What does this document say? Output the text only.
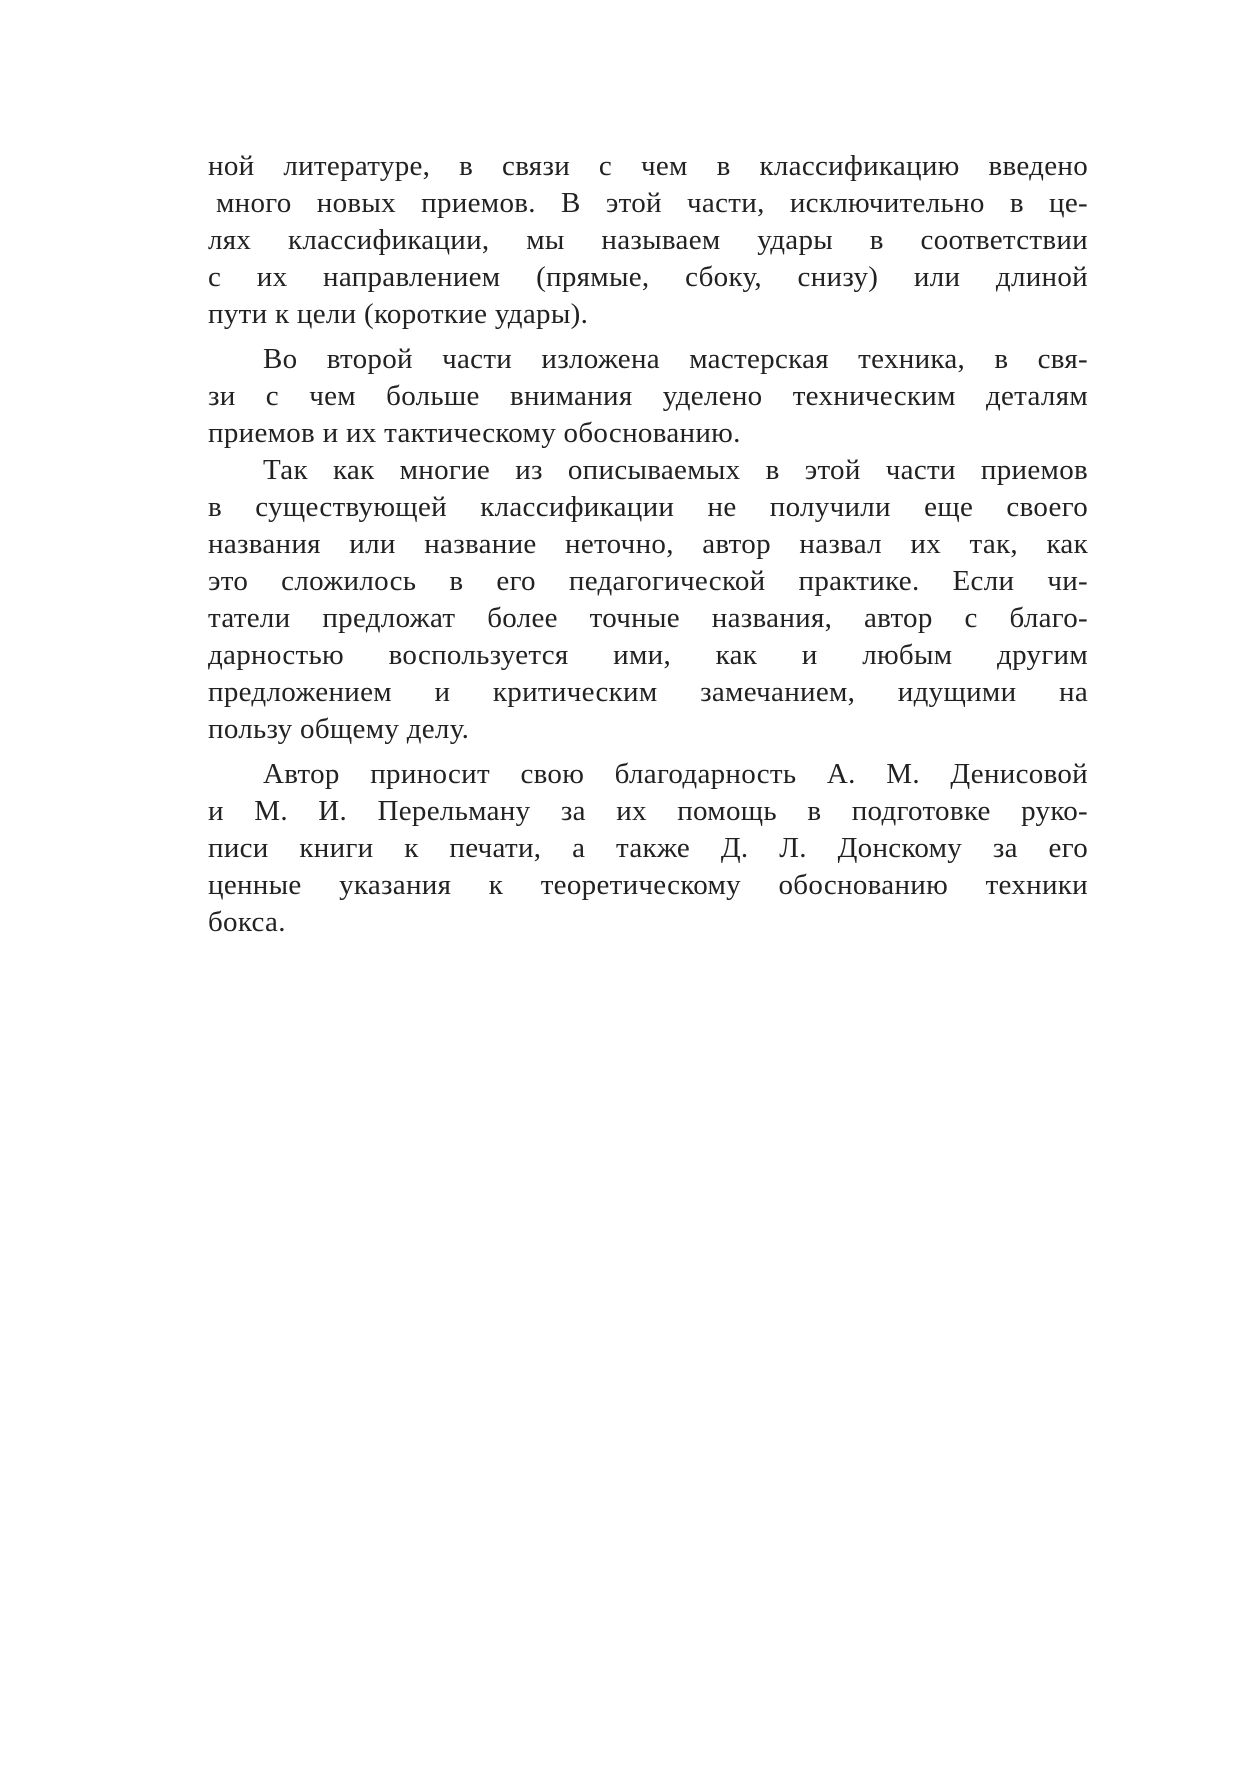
ной литературе, в связи с чем в классификацию введено
много новых приемов. В этой части, исключительно в це-
лях классификации, мы называем удары в соответствии
с их направлением (прямые, сбоку, снизу) или длиной
пути к цели (короткие удары).
Во второй части изложена мастерская техника, в свя-
зи с чем больше внимания уделено техническим деталям
приемов и их тактическому обоснованию.
Так как многие из описываемых в этой части приемов
в существующей классификации не получили еще своего
названия или название неточно, автор назвал их так, как
это сложилось в его педагогической практике. Если чи-
татели предложат более точные названия, автор с благо-
дарностью воспользуется ими, как и любым другим
предложением и критическим замечанием, идущими на
пользу общему делу.
Автор приносит свою благодарность А. М. Денисовой
и М. И. Перельману за их помощь в подготовке руко-
писи книги к печати, а также Д. Л. Донскому за его
ценные указания к теоретическому обоснованию техники
бокса.
